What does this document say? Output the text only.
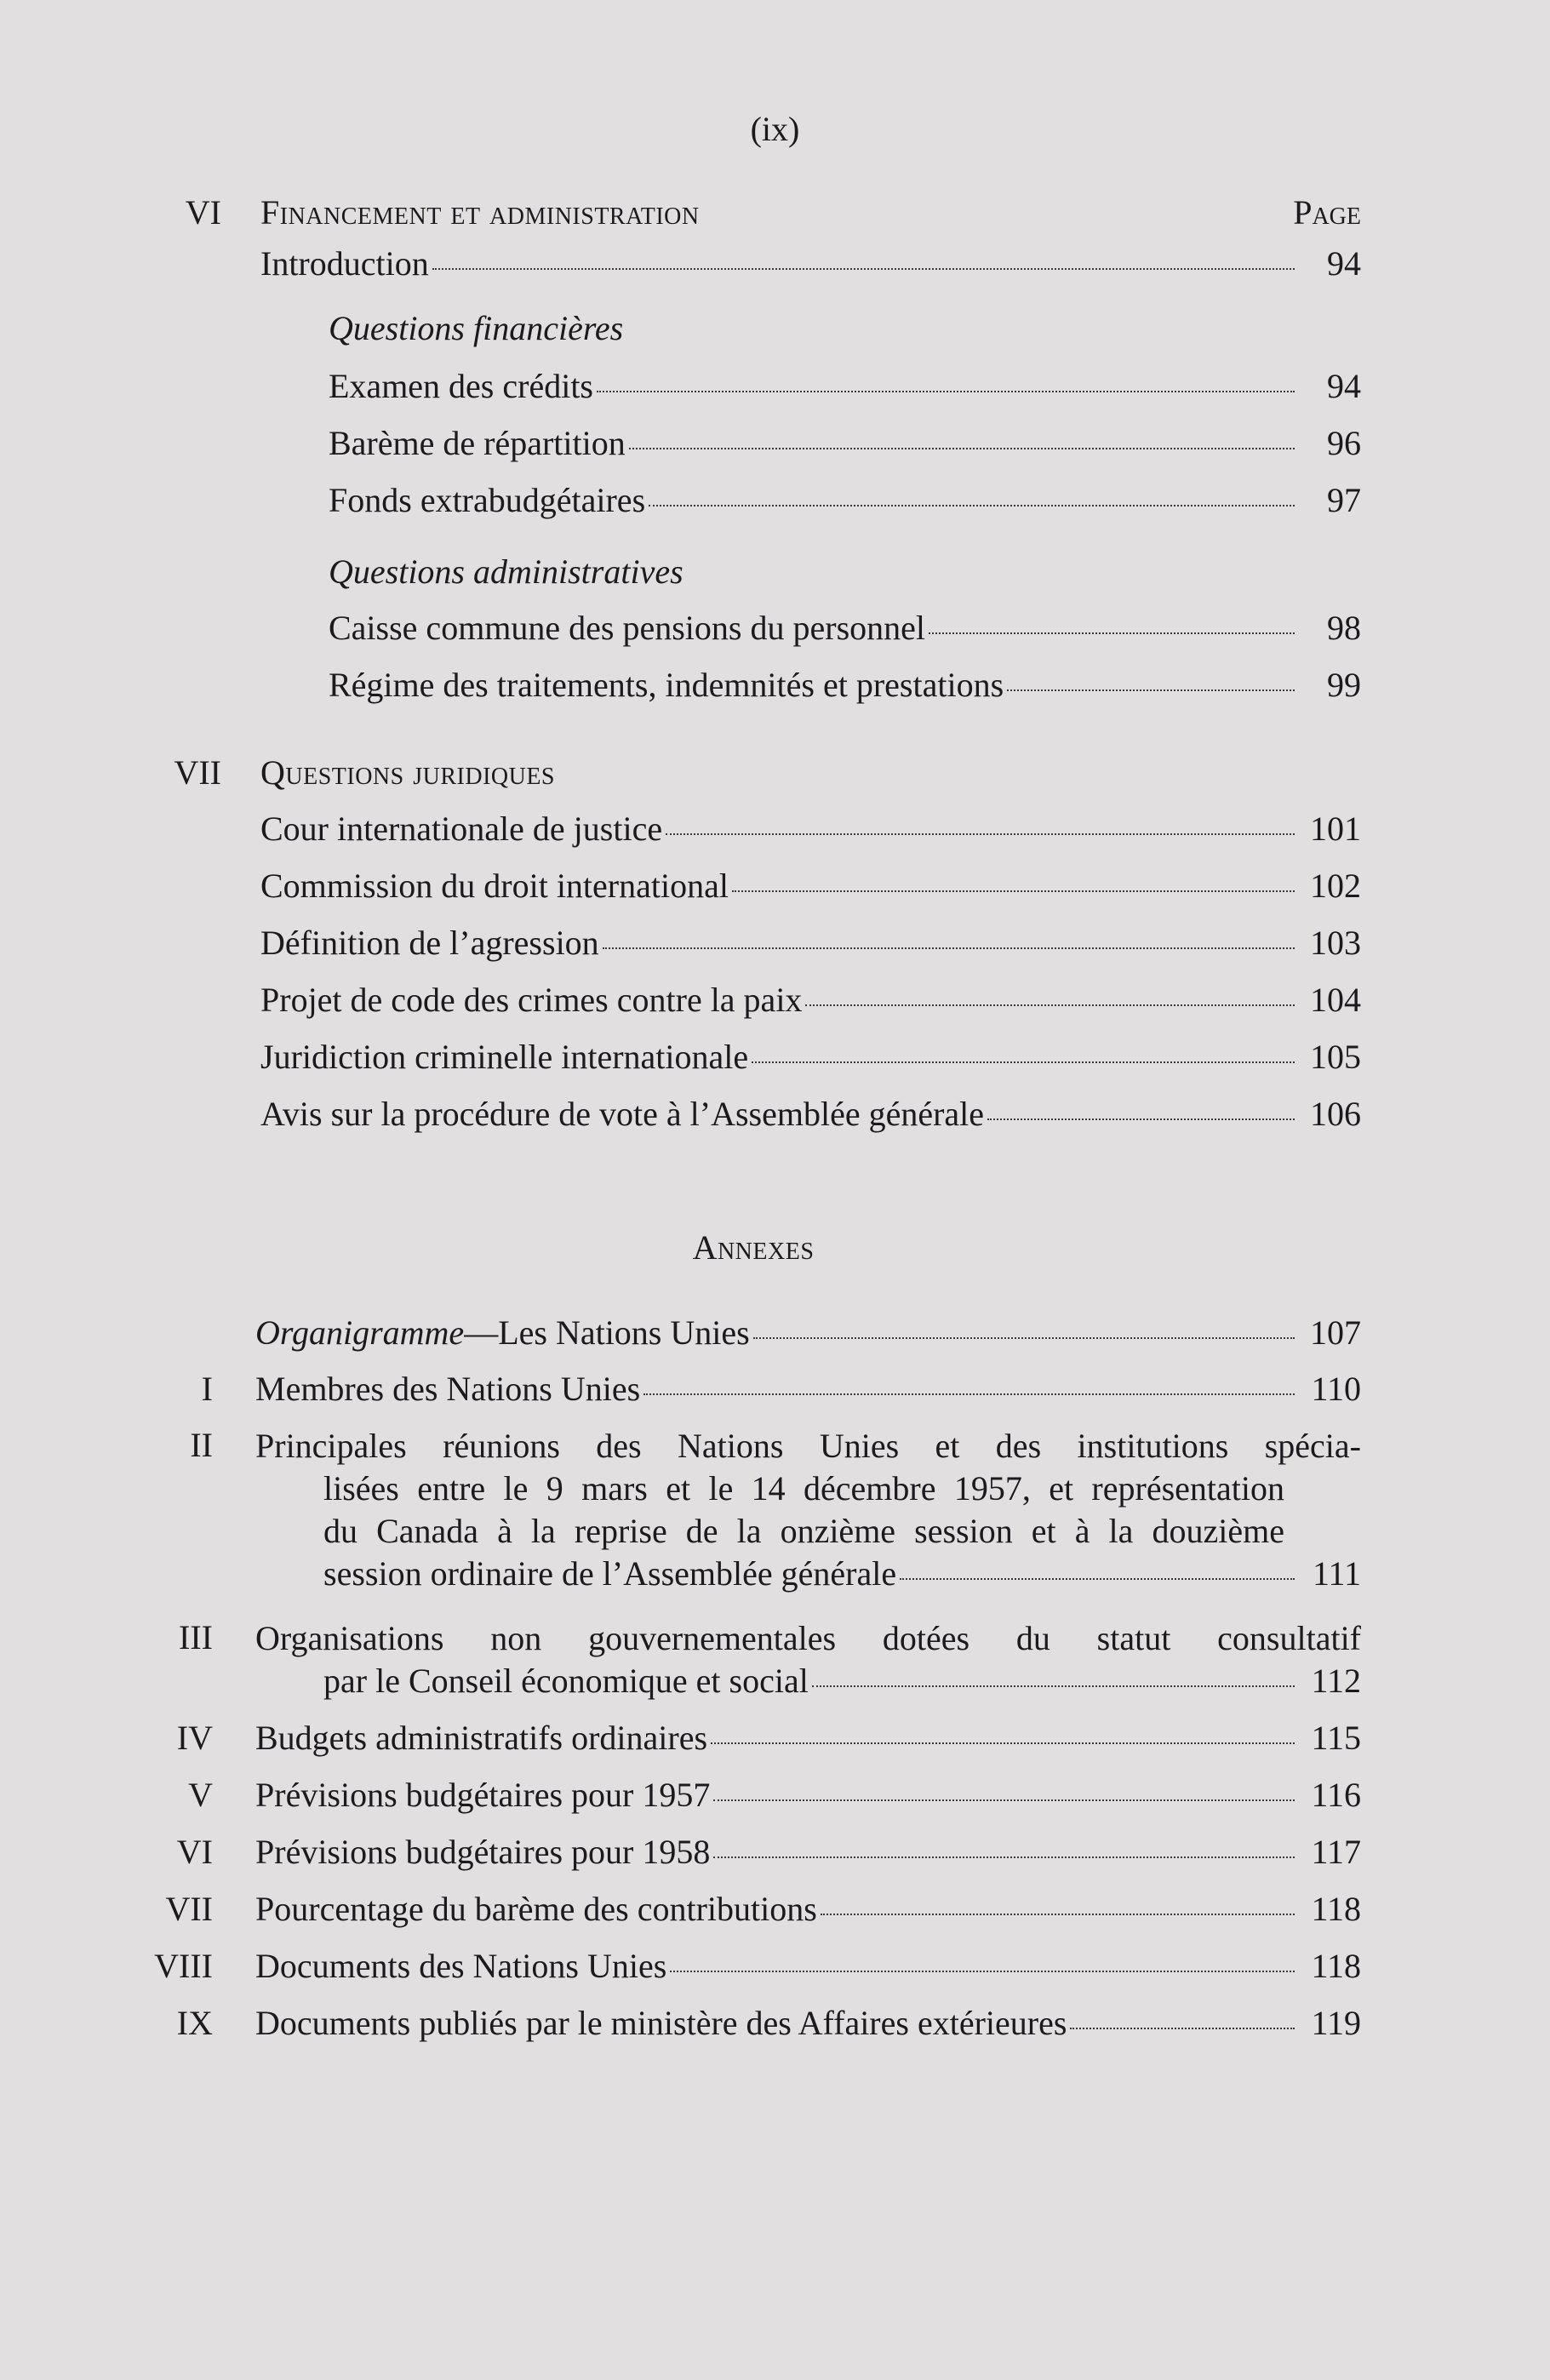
(ix)
VI Financement et administration	Page
Introduction	94
Questions financières
Examen des crédits	94
Barème de répartition	96
Fonds extrabudgétaires	97
Questions administratives
Caisse commune des pensions du personnel	98
Régime des traitements, indemnités et prestations	99
VII Questions juridiques
Cour internationale de justice	101
Commission du droit international	102
Définition de l’agression	103
Projet de code des crimes contre la paix	104
Juridiction criminelle internationale	105
Avis sur la procédure de vote à l’Assemblée générale	106
Annexes
Organigramme—Les Nations Unies	107
I Membres des Nations Unies	110
II Principales réunions des Nations Unies et des institutions spécia-
lisées entre le 9 mars et le 14 décembre 1957, et représentation
du Canada à la reprise de la onzième session et à la douzième
session ordinaire de l’Assemblée générale	111
III Organisations non gouvernementales dotées du statut consultatif
par le Conseil économique et social	112
IV Budgets administratifs ordinaires	115
V Prévisions budgétaires pour 1957	116
VI Prévisions budgétaires pour 1958	117
VII Pourcentage du barème des contributions	118
VIII Documents des Nations Unies	118
IX Documents publiés par le ministère des Affaires extérieures	119
